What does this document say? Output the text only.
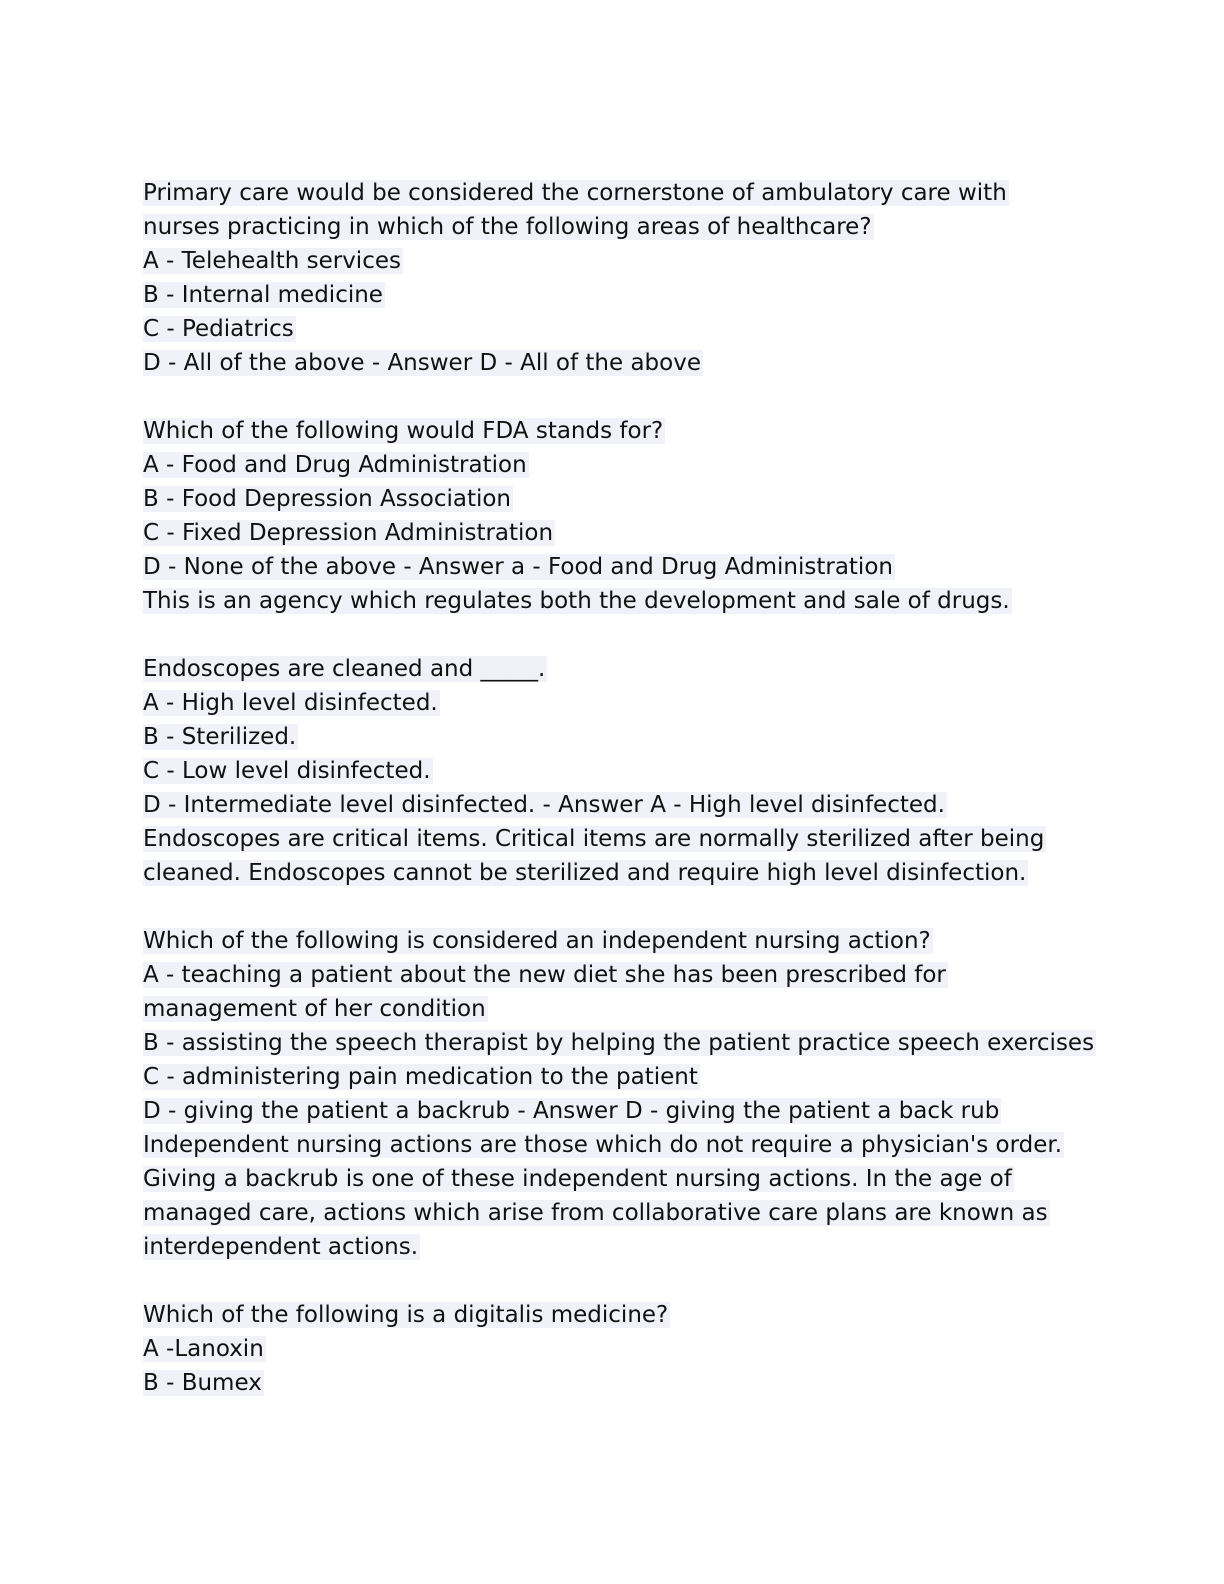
Primary care would be considered the cornerstone of ambulatory care with
nurses practicing in which of the following areas of healthcare?
A - Telehealth services
B - Internal medicine
C - Pediatrics
D - All of the above - Answer D - All of the above
Which of the following would FDA stands for?
A - Food and Drug Administration
B - Food Depression Association
C - Fixed Depression Administration
D - None of the above - Answer a - Food and Drug Administration
This is an agency which regulates both the development and sale of drugs.
Endoscopes are cleaned and _____.
A - High level disinfected.
B - Sterilized.
C - Low level disinfected.
D - Intermediate level disinfected. - Answer A - High level disinfected.
Endoscopes are critical items. Critical items are normally sterilized after being
cleaned. Endoscopes cannot be sterilized and require high level disinfection.
Which of the following is considered an independent nursing action?
A - teaching a patient about the new diet she has been prescribed for
management of her condition
B - assisting the speech therapist by helping the patient practice speech exercises
C - administering pain medication to the patient
D - giving the patient a backrub - Answer D - giving the patient a back rub
Independent nursing actions are those which do not require a physician's order.
Giving a backrub is one of these independent nursing actions. In the age of
managed care, actions which arise from collaborative care plans are known as
interdependent actions.
Which of the following is a digitalis medicine?
A -Lanoxin
B - Bumex
